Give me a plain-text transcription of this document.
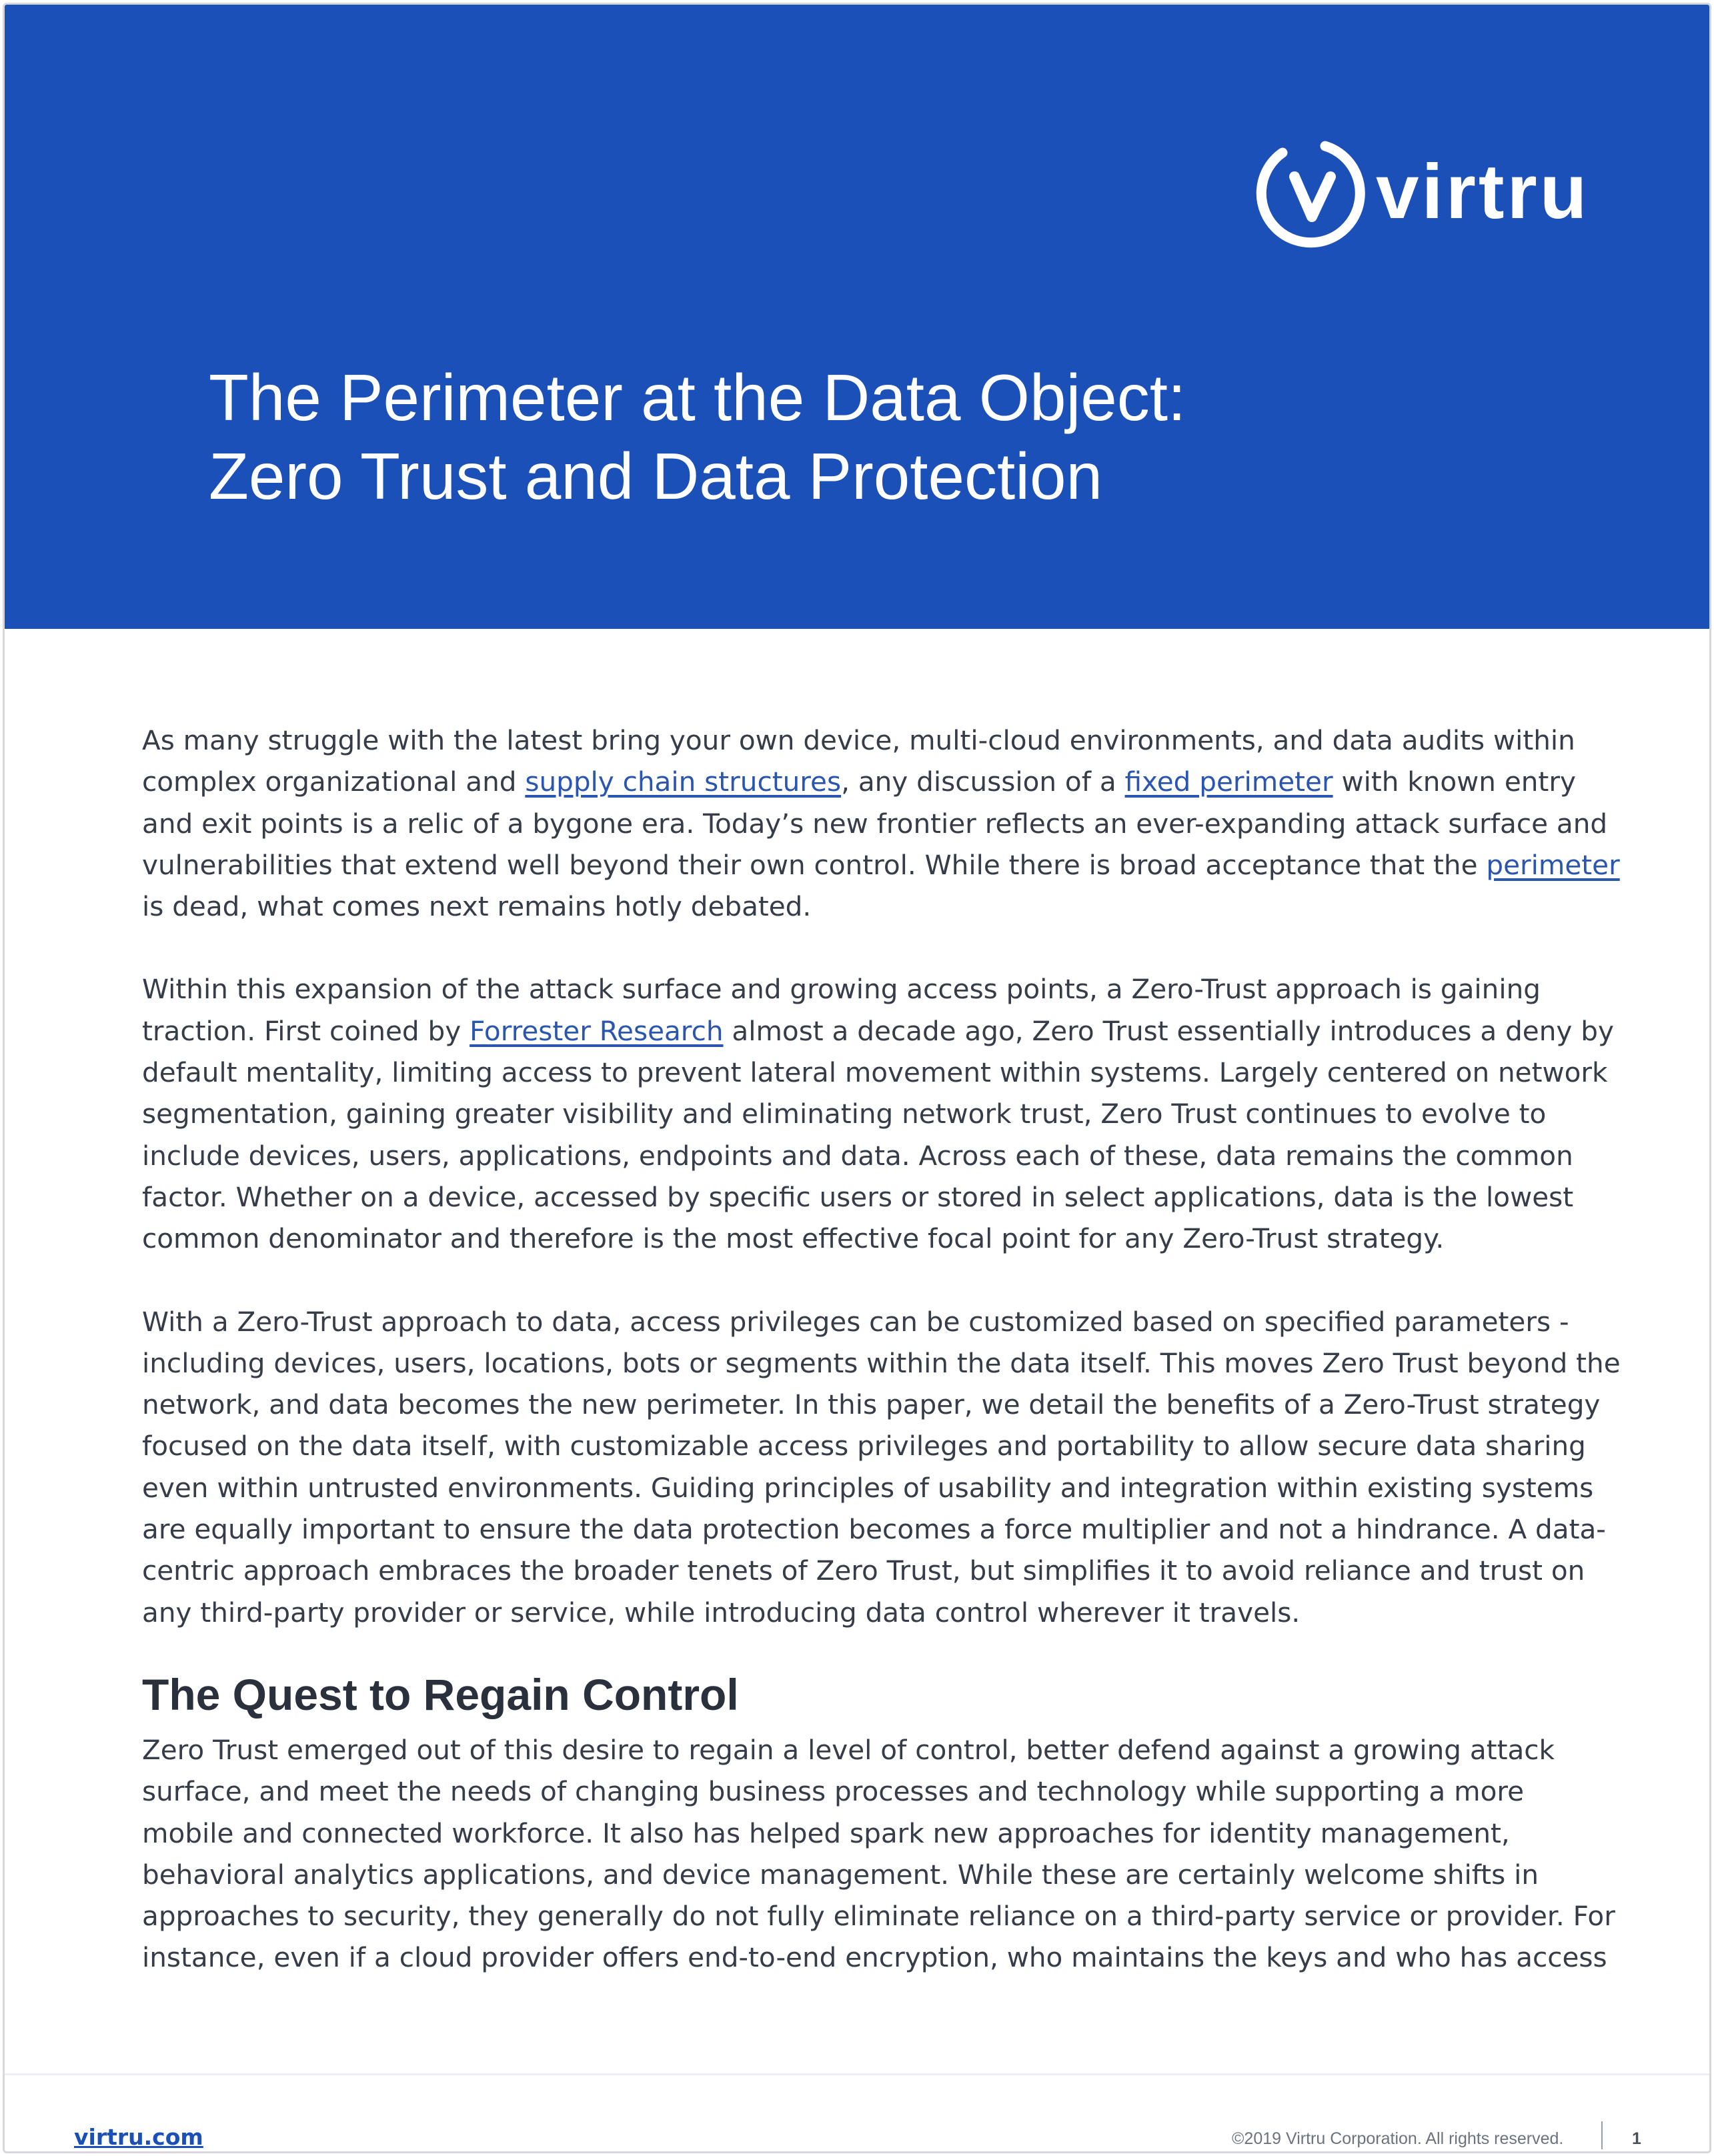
virtru
The Perimeter at the Data Object:
Zero Trust and Data Protection

As many struggle with the latest bring your own device, multi-cloud environments, and data audits within
complex organizational and supply chain structures, any discussion of a fixed perimeter with known entry
and exit points is a relic of a bygone era. Today’s new frontier reflects an ever-expanding attack surface and
vulnerabilities that extend well beyond their own control. While there is broad acceptance that the perimeter
is dead, what comes next remains hotly debated.

Within this expansion of the attack surface and growing access points, a Zero-Trust approach is gaining
traction. First coined by Forrester Research almost a decade ago, Zero Trust essentially introduces a deny by
default mentality, limiting access to prevent lateral movement within systems. Largely centered on network
segmentation, gaining greater visibility and eliminating network trust, Zero Trust continues to evolve to
include devices, users, applications, endpoints and data. Across each of these, data remains the common
factor. Whether on a device, accessed by specific users or stored in select applications, data is the lowest
common denominator and therefore is the most effective focal point for any Zero-Trust strategy.

With a Zero-Trust approach to data, access privileges can be customized based on specified parameters -
including devices, users, locations, bots or segments within the data itself. This moves Zero Trust beyond the
network, and data becomes the new perimeter. In this paper, we detail the benefits of a Zero-Trust strategy
focused on the data itself, with customizable access privileges and portability to allow secure data sharing
even within untrusted environments. Guiding principles of usability and integration within existing systems
are equally important to ensure the data protection becomes a force multiplier and not a hindrance. A data-
centric approach embraces the broader tenets of Zero Trust, but simplifies it to avoid reliance and trust on
any third-party provider or service, while introducing data control wherever it travels.

The Quest to Regain Control

Zero Trust emerged out of this desire to regain a level of control, better defend against a growing attack
surface, and meet the needs of changing business processes and technology while supporting a more
mobile and connected workforce. It also has helped spark new approaches for identity management,
behavioral analytics applications, and device management. While these are certainly welcome shifts in
approaches to security, they generally do not fully eliminate reliance on a third-party service or provider. For
instance, even if a cloud provider offers end-to-end encryption, who maintains the keys and who has access

virtru.com	©2019 Virtru Corporation. All rights reserved.	1
